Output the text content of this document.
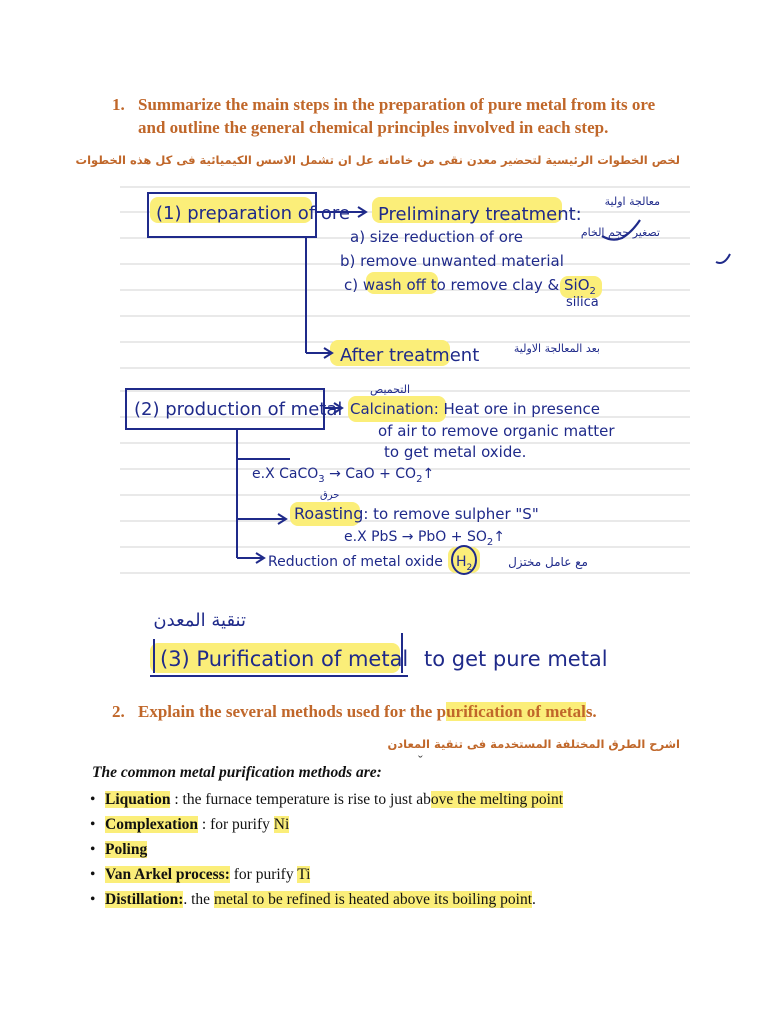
1. Summarize the main steps in the preparation of pure metal from its ore
and outline the general chemical principles involved in each step.
لخص الخطوات الرئيسية لتحضير معدن نقى من خاماته عل ان تشمل الاسس الكيميائية فى كل هذه الخطوات
(1) preparation of ore Preliminary treatment:
معالجة اولية
تصغير حجم الخام
a) size reduction of ore
b) remove unwanted material
c) wash off to remove clay & SiO$_2$
silica
After treatment	بعد المعالجة الاولية
(2) production of metal
التحميص
Calcination: Heat ore in presence
of air to remove organic matter
to get metal oxide.
e.X CaCO$_3$ → CaO + $CO_2↑$
حرق
Roasting: to remove sulpher "S"
e.X PbS → PbO + $SO_2↑$
Reduction of metal oxide $H_2$	مع عامل مختزل
تنقية المعدن
(3) Purification of metal to get pure metal
2. Explain the several methods used for the purification of metals.
اشرح الطرق المختلفة المستخدمة فى تنقية المعادن
ˇ
The common metal purification methods are:
• Liquation : the furnace temperature is rise to just above the melting point
• Complexation : for purify Ni
• Poling
• Van Arkel process: for purify Ti
• Distillation:. the metal to be refined is heated above its boiling point.
